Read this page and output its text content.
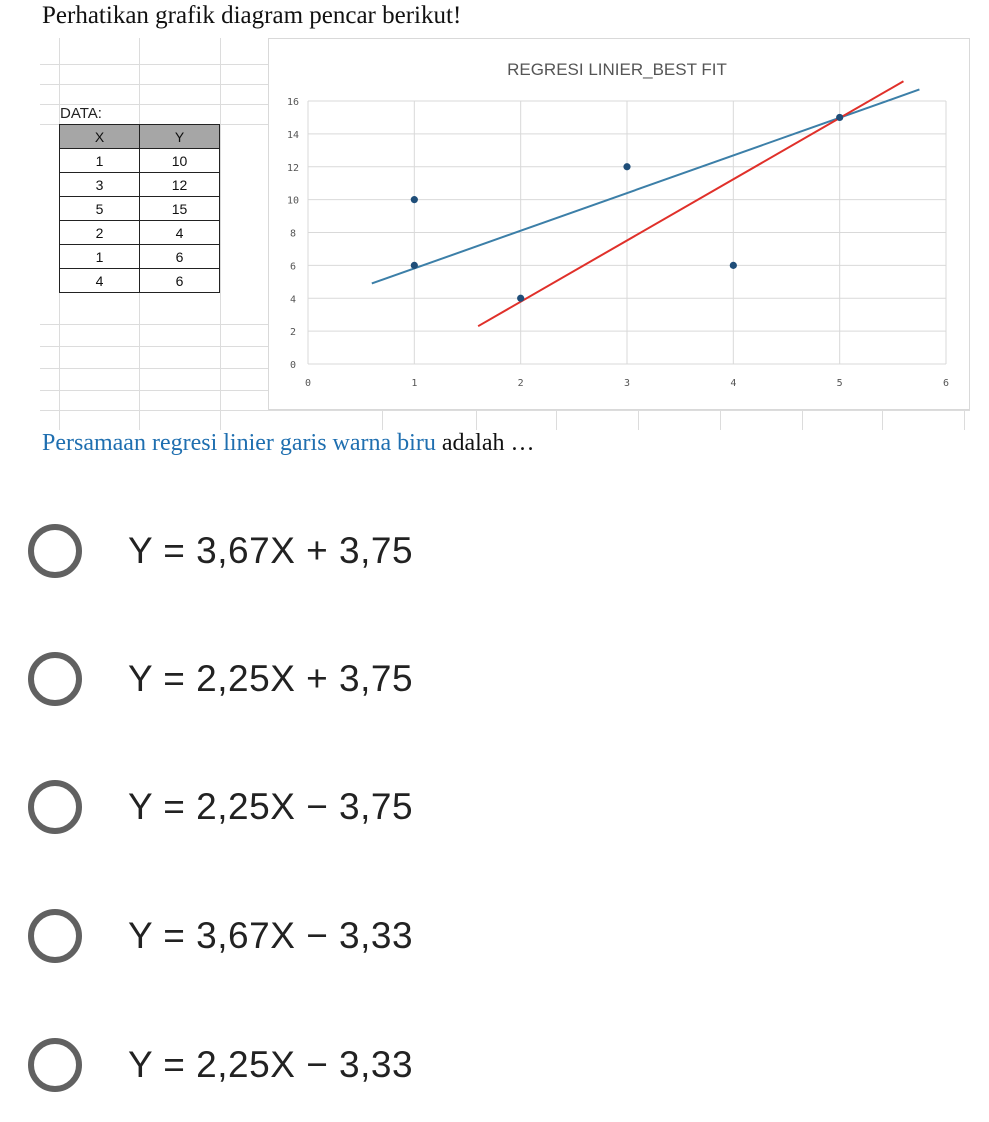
Perhatikan grafik diagram pencar berikut!
DATA:
X	Y
1	10
3	12
5	15
2	4
1	6
4	6
REGRESI LINIER_BEST FIT
0
2
4
6
8
10
12
14
16
0	1	2	3	4	5	6
Persamaan regresi linier garis warna biru adalah …
Y = 3,67X + 3,75
Y = 2,25X + 3,75
Y = 2,25X − 3,75
Y = 3,67X − 3,33
Y = 2,25X − 3,33
